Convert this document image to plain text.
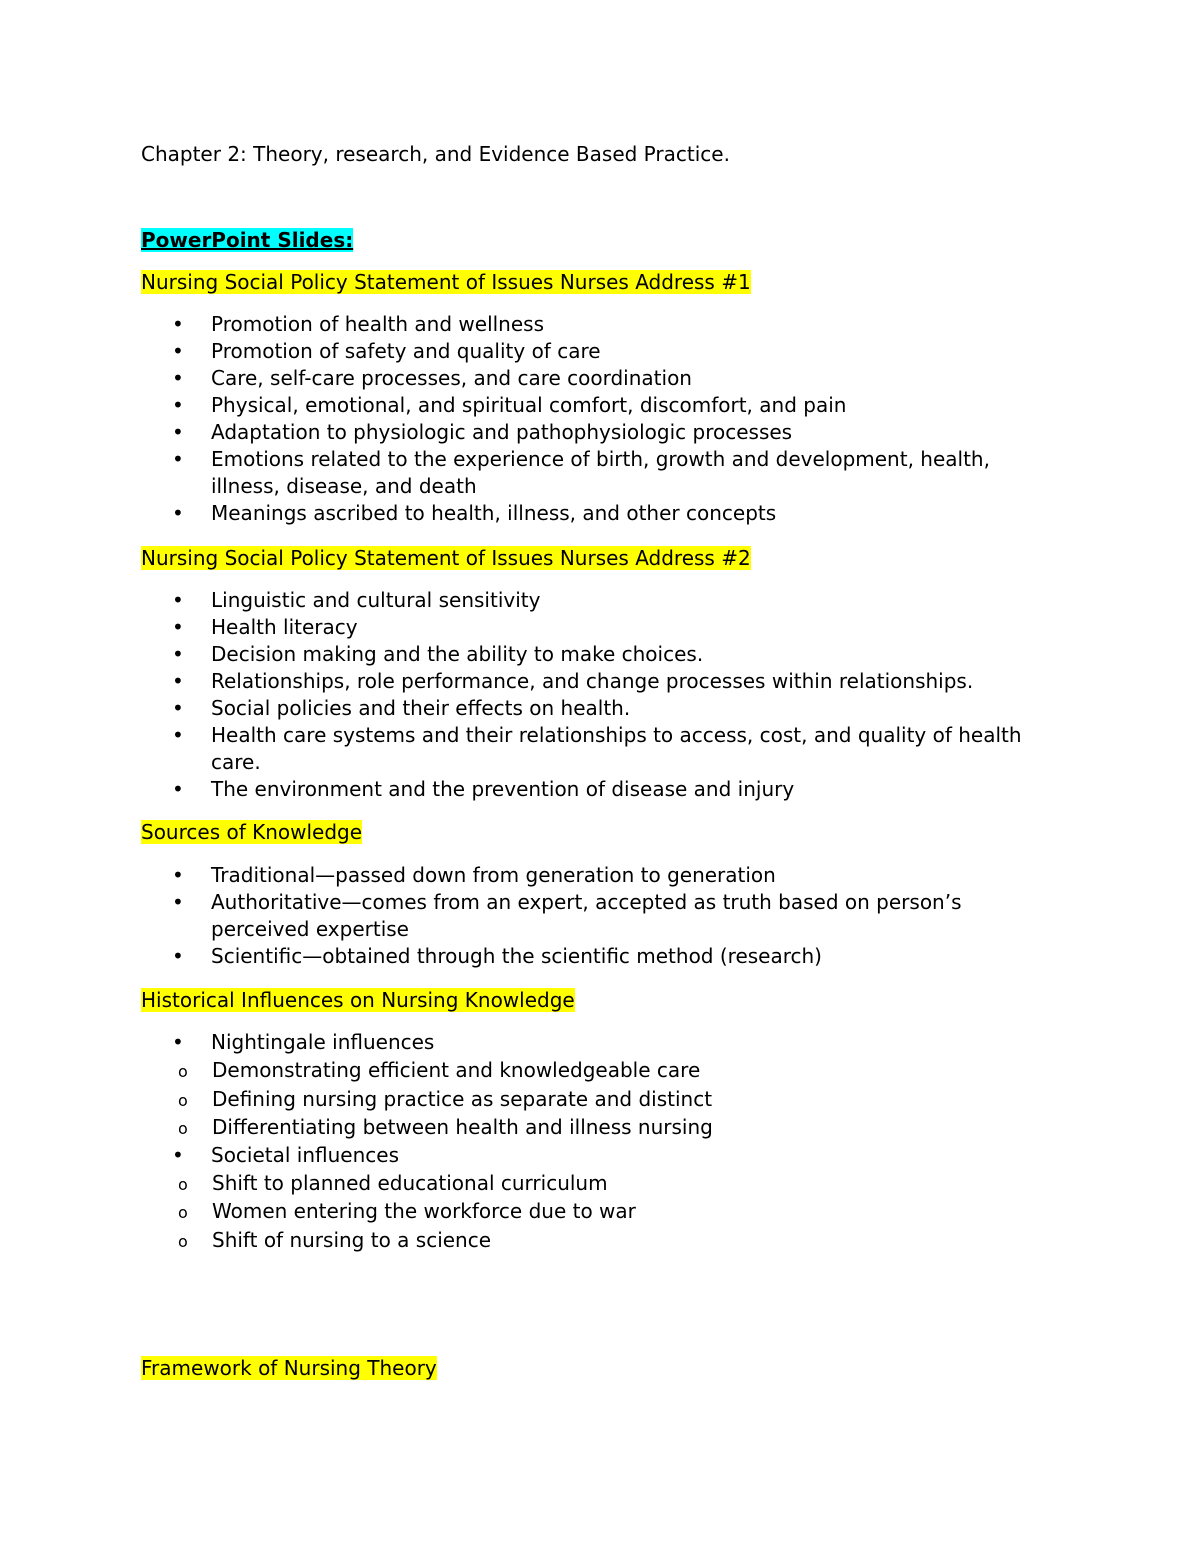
Chapter 2: Theory, research, and Evidence Based Practice.
PowerPoint Slides:
Nursing Social Policy Statement of Issues Nurses Address #1
• Promotion of health and wellness
• Promotion of safety and quality of care
• Care, self-care processes, and care coordination
• Physical, emotional, and spiritual comfort, discomfort, and pain
• Adaptation to physiologic and pathophysiologic processes
• Emotions related to the experience of birth, growth and development, health, illness, disease, and death
• Meanings ascribed to health, illness, and other concepts
Nursing Social Policy Statement of Issues Nurses Address #2
• Linguistic and cultural sensitivity
• Health literacy
• Decision making and the ability to make choices.
• Relationships, role performance, and change processes within relationships.
• Social policies and their effects on health.
• Health care systems and their relationships to access, cost, and quality of health care.
• The environment and the prevention of disease and injury
Sources of Knowledge
• Traditional—passed down from generation to generation
• Authoritative—comes from an expert, accepted as truth based on person’s perceived expertise
• Scientific—obtained through the scientific method (research)
Historical Influences on Nursing Knowledge
• Nightingale influences
o Demonstrating efficient and knowledgeable care
o Defining nursing practice as separate and distinct
o Differentiating between health and illness nursing
• Societal influences
o Shift to planned educational curriculum
o Women entering the workforce due to war
o Shift of nursing to a science
Framework of Nursing Theory
